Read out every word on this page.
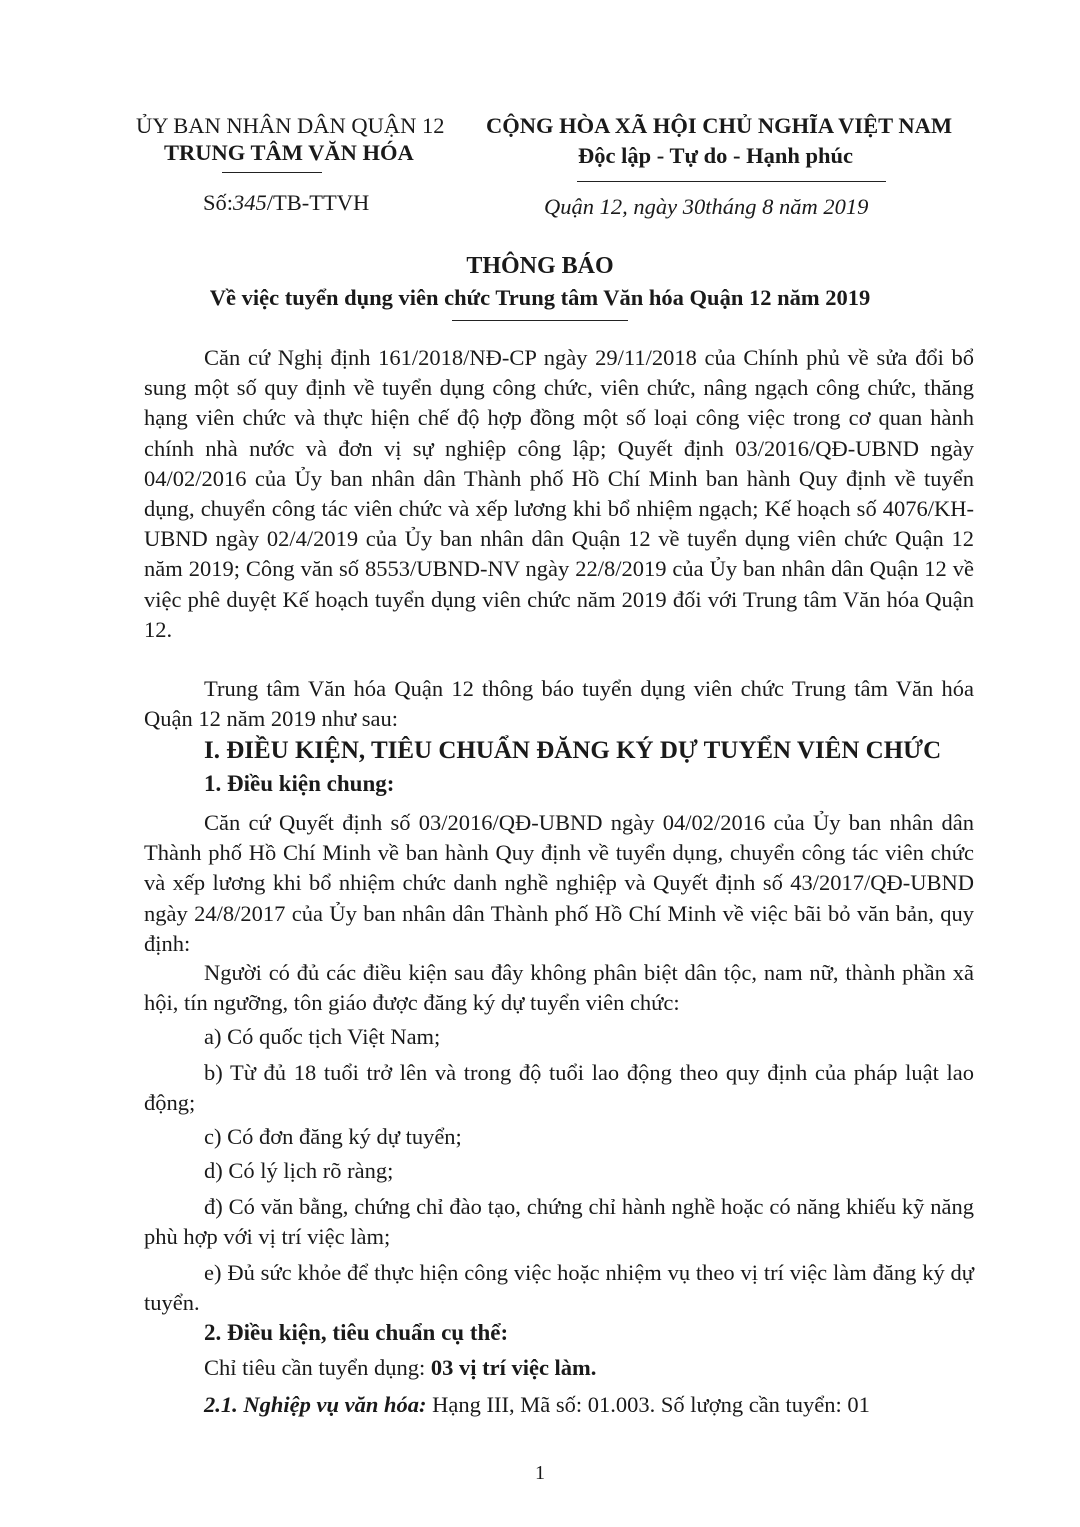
ỦY BAN NHÂN DÂN QUẬN 12
TRUNG TÂM VĂN HÓA
CỘNG HÒA XÃ HỘI CHỦ NGHĨA VIỆT NAM
Độc lập - Tự do - Hạnh phúc
Số:345/TB-TTVH	Quận 12, ngày 30tháng 8 năm 2019
THÔNG BÁO
Về việc tuyển dụng viên chức Trung tâm Văn hóa Quận 12 năm 2019
Căn cứ Nghị định 161/2018/NĐ-CP ngày 29/11/2018 của Chính phủ về sửa đổi bổ sung một số quy định về tuyển dụng công chức, viên chức, nâng ngạch công chức, thăng hạng viên chức và thực hiện chế độ hợp đồng một số loại công việc trong cơ quan hành chính nhà nước và đơn vị sự nghiệp công lập; Quyết định 03/2016/QĐ-UBND ngày 04/02/2016 của Ủy ban nhân dân Thành phố Hồ Chí Minh ban hành Quy định về tuyển dụng, chuyển công tác viên chức và xếp lương khi bổ nhiệm ngạch; Kế hoạch số 4076/KH-UBND ngày 02/4/2019 của Ủy ban nhân dân Quận 12 về tuyển dụng viên chức Quận 12 năm 2019; Công văn số 8553/UBND-NV ngày 22/8/2019 của Ủy ban nhân dân Quận 12 về việc phê duyệt Kế hoạch tuyển dụng viên chức năm 2019 đối với Trung tâm Văn hóa Quận 12.
Trung tâm Văn hóa Quận 12 thông báo tuyển dụng viên chức Trung tâm Văn hóa Quận 12 năm 2019 như sau:
I. ĐIỀU KIỆN, TIÊU CHUẨN ĐĂNG KÝ DỰ TUYỂN VIÊN CHỨC
1. Điều kiện chung:
Căn cứ Quyết định số 03/2016/QĐ-UBND ngày 04/02/2016 của Ủy ban nhân dân Thành phố Hồ Chí Minh về ban hành Quy định về tuyển dụng, chuyển công tác viên chức và xếp lương khi bổ nhiệm chức danh nghề nghiệp và Quyết định số 43/2017/QĐ-UBND ngày 24/8/2017 của Ủy ban nhân dân Thành phố Hồ Chí Minh về việc bãi bỏ văn bản, quy định:
Người có đủ các điều kiện sau đây không phân biệt dân tộc, nam nữ, thành phần xã hội, tín ngưỡng, tôn giáo được đăng ký dự tuyển viên chức:
a) Có quốc tịch Việt Nam;
b) Từ đủ 18 tuổi trở lên và trong độ tuổi lao động theo quy định của pháp luật lao động;
c) Có đơn đăng ký dự tuyển;
d) Có lý lịch rõ ràng;
đ) Có văn bằng, chứng chỉ đào tạo, chứng chỉ hành nghề hoặc có năng khiếu kỹ năng phù hợp với vị trí việc làm;
e) Đủ sức khỏe để thực hiện công việc hoặc nhiệm vụ theo vị trí việc làm đăng ký dự tuyển.
2. Điều kiện, tiêu chuẩn cụ thể:
Chỉ tiêu cần tuyển dụng: 03 vị trí việc làm.
2.1. Nghiệp vụ văn hóa: Hạng III, Mã số: 01.003. Số lượng cần tuyển: 01
1
